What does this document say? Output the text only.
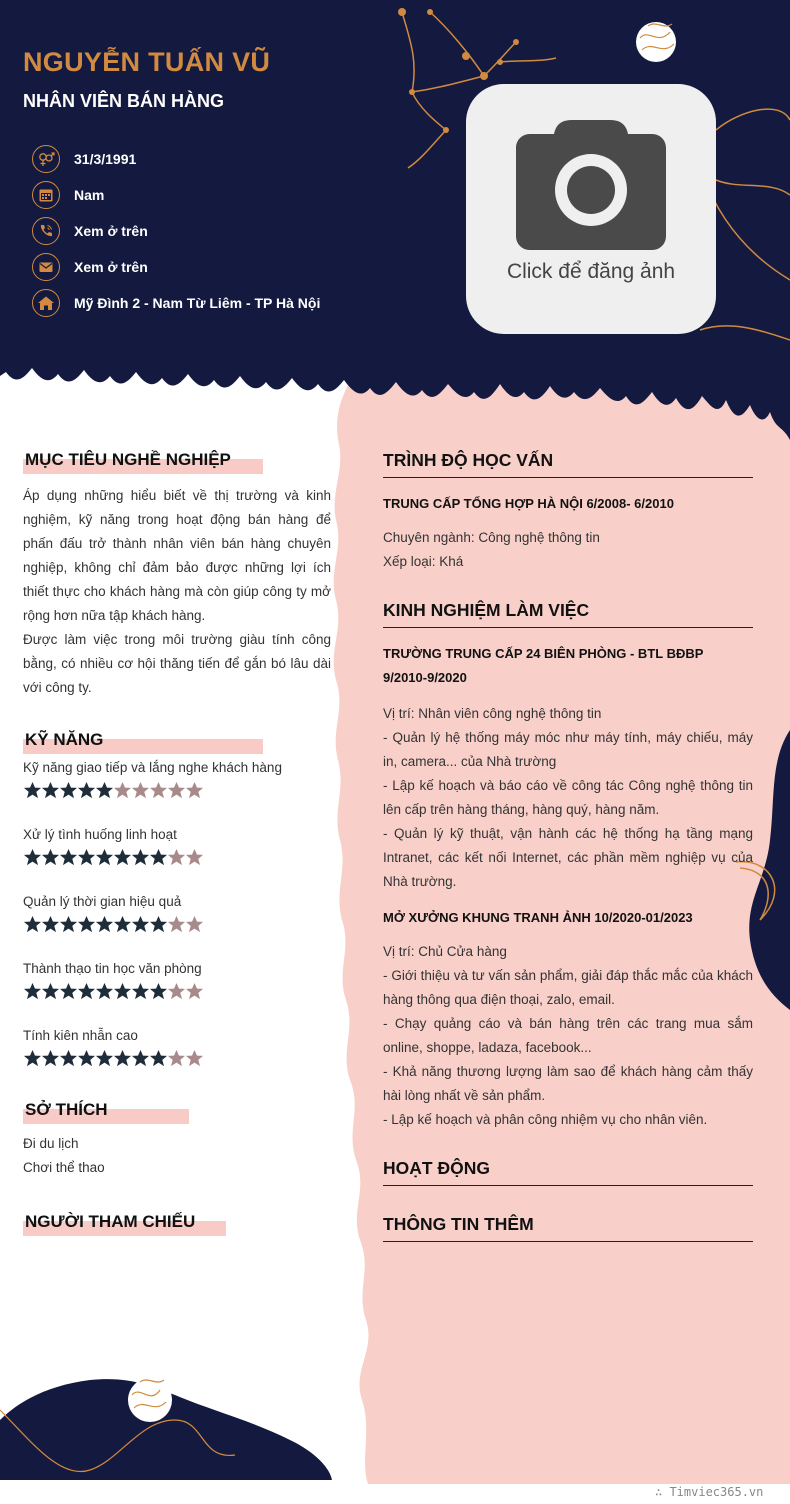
NGUYỄN TUẤN VŨ
NHÂN VIÊN BÁN HÀNG
31/3/1991
Nam
Xem ở trên
Xem ở trên
Mỹ Đình 2 - Nam Từ Liêm - TP Hà Nội
Click để đăng ảnh
MỤC TIÊU NGHỀ NGHIỆP

Áp dụng những hiểu biết về thị trường và kinh nghiệm, kỹ năng trong hoạt động bán hàng để phấn đấu trở thành nhân viên bán hàng chuyên nghiệp, không chỉ đảm bảo được những lợi ích thiết thực cho khách hàng mà còn giúp công ty mở rộng hơn nữa tập khách hàng.

Được làm việc trong môi trường giàu tính công bằng, có nhiều cơ hội thăng tiến để gắn bó lâu dài với công ty.

KỸ NĂNG
Kỹ năng giao tiếp và lắng nghe khách hàng
Xử lý tình huống linh hoạt
Quản lý thời gian hiệu quả
Thành thạo tin học văn phòng
Tính kiên nhẫn cao
SỞ THÍCH
Đi du lịch
Chơi thể thao
NGƯỜI THAM CHIẾU
TRÌNH ĐỘ HỌC VẤN
TRUNG CẤP TỔNG HỢP HÀ NỘI 6/2008- 6/2010
Chuyên ngành: Công nghệ thông tin
Xếp loại: Khá
KINH NGHIỆM LÀM VIỆC
TRƯỜNG TRUNG CẤP 24 BIÊN PHÒNG - BTL BĐBP 9/2010-9/2020
Vị trí: Nhân viên công nghệ thông tin
- Quản lý hệ thống máy móc như máy tính, máy chiếu, máy in, camera... của Nhà trường
- Lập kế hoạch và báo cáo về công tác Công nghệ thông tin lên cấp trên hàng tháng, hàng quý, hàng năm.
- Quản lý kỹ thuật, vận hành các hệ thống hạ tầng mạng Intranet, các kết nối Internet, các phần mềm nghiệp vụ của Nhà trường.
MỞ XƯỞNG KHUNG TRANH ẢNH 10/2020-01/2023
Vị trí: Chủ Cửa hàng
- Giới thiệu và tư vấn sản phẩm, giải đáp thắc mắc của khách hàng thông qua điện thoại, zalo, email.
- Chạy quảng cáo và bán hàng trên các trang mua sắm online, shoppe, ladaza, facebook...
- Khả năng thương lượng làm sao để khách hàng cảm thấy hài lòng nhất về sản phẩm.
- Lập kế hoạch và phân công nhiệm vụ cho nhân viên.
HOẠT ĐỘNG
THÔNG TIN THÊM
∴ Timviec365.vn
